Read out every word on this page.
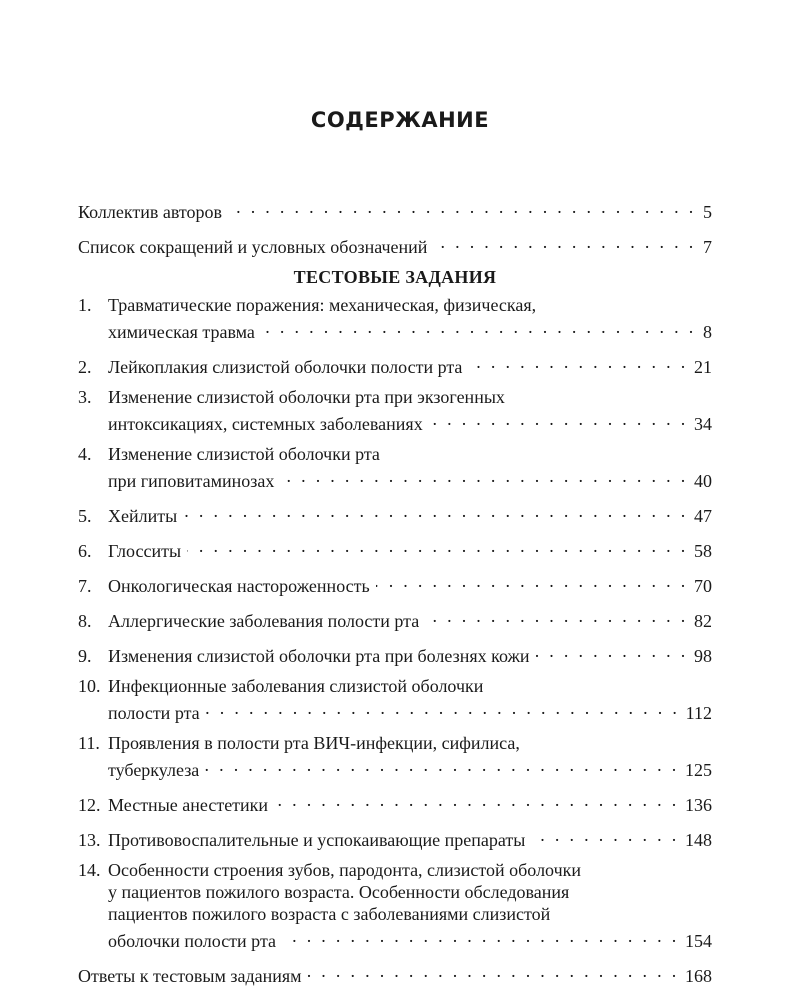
СОДЕРЖАНИЕ
Коллектив авторов . . .	5
Список сокращений и условных обозначений . . .	7
ТЕСТОВЫЕ ЗАДАНИЯ
1. Травматические поражения: механическая, физическая,
химическая травма . . .	8
2. Лейкоплакия слизистой оболочки полости рта . . .	21
3. Изменение слизистой оболочки рта при экзогенных
интоксикациях, системных заболеваниях . . .	34
4. Изменение слизистой оболочки рта
при гиповитаминозах . . .	40
5. Хейлиты . . .	47
6. Глосситы . . .	58
7. Онкологическая настороженность . . .	70
8. Аллергические заболевания полости рта . . .	82
9. Изменения слизистой оболочки рта при болезнях кожи . . .	98
10. Инфекционные заболевания слизистой оболочки
полости рта . . .	112
11. Проявления в полости рта ВИЧ-инфекции, сифилиса,
туберкулеза . . .	125
12. Местные анестетики . . .	136
13. Противовоспалительные и успокаивающие препараты . . .	148
14. Особенности строения зубов, пародонта, слизистой оболочки
у пациентов пожилого возраста. Особенности обследования
пациентов пожилого возраста с заболеваниями слизистой
оболочки полости рта . . .	154
Ответы к тестовым заданиям . . .	168
